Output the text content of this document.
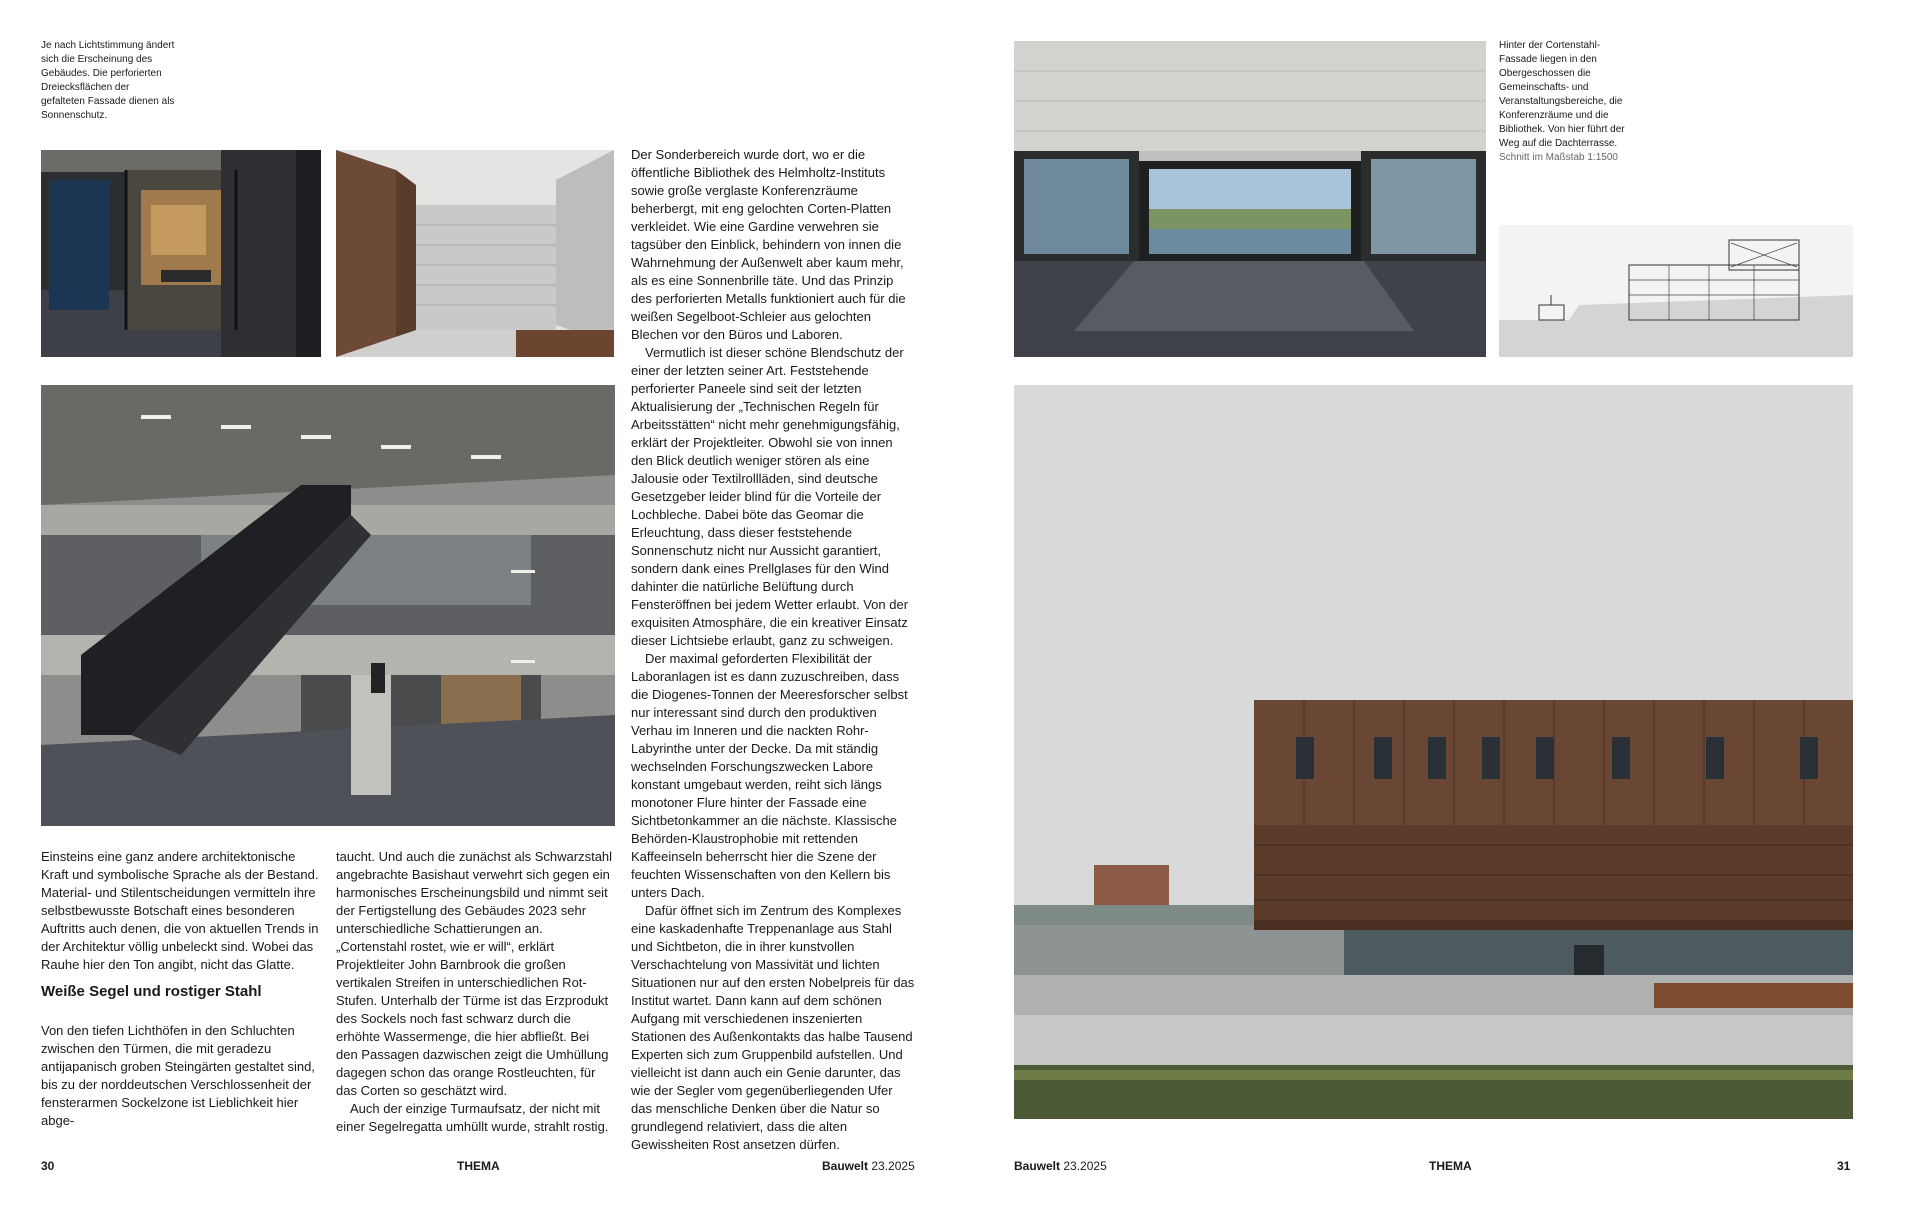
Je nach Lichtstimmung ändert sich die Erscheinung des Gebäudes. Die perforierten Dreiecksflächen der gefalteten Fassade dienen als Sonnenschutz.

Einsteins eine ganz andere architektonische Kraft und symbolische Sprache als der Bestand. Material- und Stilentscheidungen vermitteln ihre selbstbewusste Botschaft eines besonderen Auftritts auch denen, die von aktuellen Trends in der Architektur völlig unbeleckt sind. Wobei das Rauhe hier den Ton angibt, nicht das Glatte.

Weiße Segel und rostiger Stahl

Von den tiefen Lichthöfen in den Schluchten zwischen den Türmen, die mit geradezu antijapanisch groben Steingärten gestaltet sind, bis zu der norddeutschen Verschlossenheit der fensterarmen Sockelzone ist Lieblichkeit hier abge-

taucht. Und auch die zunächst als Schwarzstahl angebrachte Basishaut verwehrt sich gegen ein harmonisches Erscheinungsbild und nimmt seit der Fertigstellung des Gebäudes 2023 sehr unterschiedliche Schattierungen an. „Cortenstahl rostet, wie er will“, erklärt Projektleiter John Barnbrook die großen vertikalen Streifen in unterschiedlichen Rot-Stufen. Unterhalb der Türme ist das Erzprodukt des Sockels noch fast schwarz durch die erhöhte Wassermenge, die hier abfließt. Bei den Passagen dazwischen zeigt die Umhüllung dagegen schon das orange Rostleuchten, für das Corten so geschätzt wird.

Auch der einzige Turmaufsatz, der nicht mit einer Segelregatta umhüllt wurde, strahlt rostig.

Der Sonderbereich wurde dort, wo er die öffentliche Bibliothek des Helmholtz-Instituts sowie große verglaste Konferenzräume beherbergt, mit eng gelochten Corten-Platten verkleidet. Wie eine Gardine verwehren sie tagsüber den Einblick, behindern von innen die Wahrnehmung der Außenwelt aber kaum mehr, als es eine Sonnenbrille täte. Und das Prinzip des perforierten Metalls funktioniert auch für die weißen Segelboot-Schleier aus gelochten Blechen vor den Büros und Laboren.

Vermutlich ist dieser schöne Blendschutz der einer der letzten seiner Art. Feststehende perforierter Paneele sind seit der letzten Aktualisierung der „Technischen Regeln für Arbeitsstätten“ nicht mehr genehmigungsfähig, erklärt der Projektleiter. Obwohl sie von innen den Blick deutlich weniger stören als eine Jalousie oder Textilrollläden, sind deutsche Gesetzgeber leider blind für die Vorteile der Lochbleche. Dabei böte das Geomar die Erleuchtung, dass dieser feststehende Sonnenschutz nicht nur Aussicht garantiert, sondern dank eines Prellglases für den Wind dahinter die natürliche Belüftung durch Fensteröffnen bei jedem Wetter erlaubt. Von der exquisiten Atmosphäre, die ein kreativer Einsatz dieser Lichtsiebe erlaubt, ganz zu schweigen.

Der maximal geforderten Flexibilität der Laboranlagen ist es dann zuzuschreiben, dass die Diogenes-Tonnen der Meeresforscher selbst nur interessant sind durch den produktiven Verhau im Inneren und die nackten Rohr-Labyrinthe unter der Decke. Da mit ständig wechselnden Forschungszwecken Labore konstant umgebaut werden, reiht sich längs monotoner Flure hinter der Fassade eine Sichtbetonkammer an die nächste. Klassische Behörden-Klaustrophobie mit rettenden Kaffeeinseln beherrscht hier die Szene der feuchten Wissenschaften von den Kellern bis unters Dach.

Dafür öffnet sich im Zentrum des Komplexes eine kaskadenhafte Treppenanlage aus Stahl und Sichtbeton, die in ihrer kunstvollen Verschachtelung von Massivität und lichten Situationen nur auf den ersten Nobelpreis für das Institut wartet. Dann kann auf dem schönen Aufgang mit verschiedenen inszenierten Stationen des Außenkontakts das halbe Tausend Experten sich zum Gruppenbild aufstellen. Und vielleicht ist dann auch ein Genie darunter, das wie der Segler vom gegenüberliegenden Ufer das menschliche Denken über die Natur so grundlegend relativiert, dass die alten Gewissheiten Rost ansetzen dürfen.

30	THEMA	Bauwelt 23.2025
Hinter der Cortenstahl-Fassade liegen in den Obergeschossen die Gemeinschafts- und Veranstaltungsbereiche, die Konferenzräume und die Bibliothek. Von hier führt der Weg auf die Dachterrasse.
Schnitt im Maßstab 1:1500
Bauwelt 23.2025	THEMA	31
